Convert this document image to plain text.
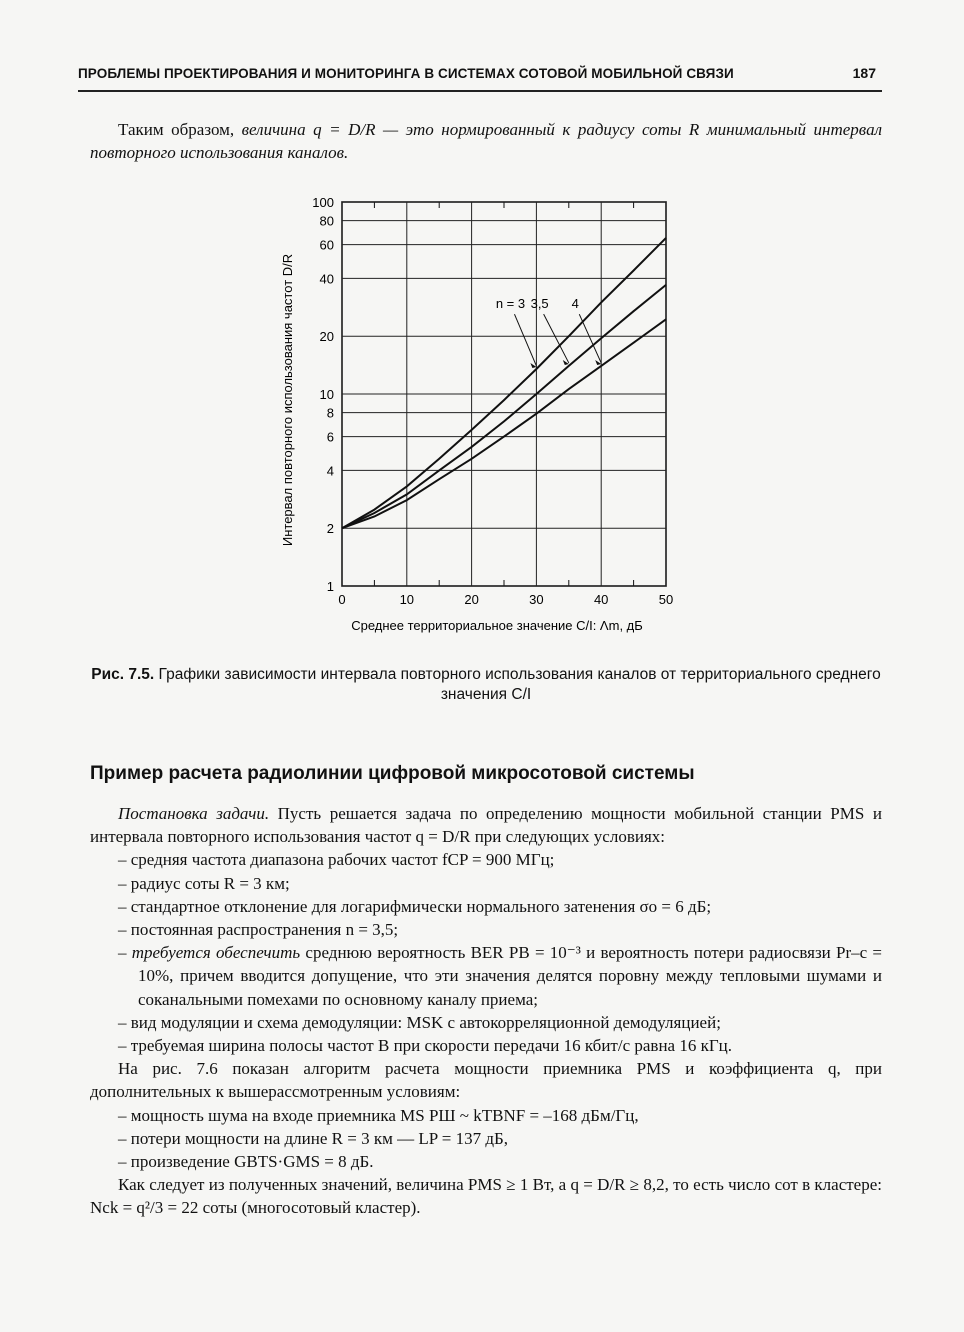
ПРОБЛЕМЫ ПРОЕКТИРОВАНИЯ И МОНИТОРИНГА В СИСТЕМАХ СОТОВОЙ МОБИЛЬНОЙ СВЯЗИ	187

Таким образом, величина q = D/R — это нормированный к радиусу соты R минимальный интервал повторного использования каналов.

n = 3 3,5 4
0	10	20	30	40	50
1
2
4
6
8
10
20
40
60
80
100
Интервал повторного использования частот D/R
Среднее территориальное значение C/I: Λm, дБ
Рис. 7.5. Графики зависимости интервала повторного использования каналов от территориального среднего значения C/I
Пример расчета радиолинии цифровой микросотовой системы

Постановка задачи. Пусть решается задача по определению мощности мобильной станции PMS и интервала повторного использования частот q = D/R при следующих условиях:

– средняя частота диапазона рабочих частот fCP = 900 МГц;

– радиус соты R = 3 км;

– стандартное отклонение для логарифмически нормального затенения σo = 6 дБ;

– постоянная распространения n = 3,5;

– требуется обеспечить среднюю вероятность BER PB = 10⁻³ и вероятность потери радиосвязи Pr–c = 10%, причем вводится допущение, что эти значения делятся поровну между тепловыми шумами и соканальными помехами по основному каналу приема;

– вид модуляции и схема демодуляции: MSK с автокорреляционной демодуляцией;

– требуемая ширина полосы частот B при скорости передачи 16 кбит/с равна 16 кГц.

На рис. 7.6 показан алгоритм расчета мощности приемника PMS и коэффициента q, при дополнительных к вышерассмотренным условиям:

– мощность шума на входе приемника MS PШ ~ kTBNF = –168 дБм/Гц,

– потери мощности на длине R = 3 км — LP = 137 дБ,

– произведение GBTS·GMS = 8 дБ.

Как следует из полученных значений, величина PMS ≥ 1 Вт, а q = D/R ≥ 8,2, то есть число сот в кластере: Nck = q²/3 = 22 соты (многосотовый кластер).
